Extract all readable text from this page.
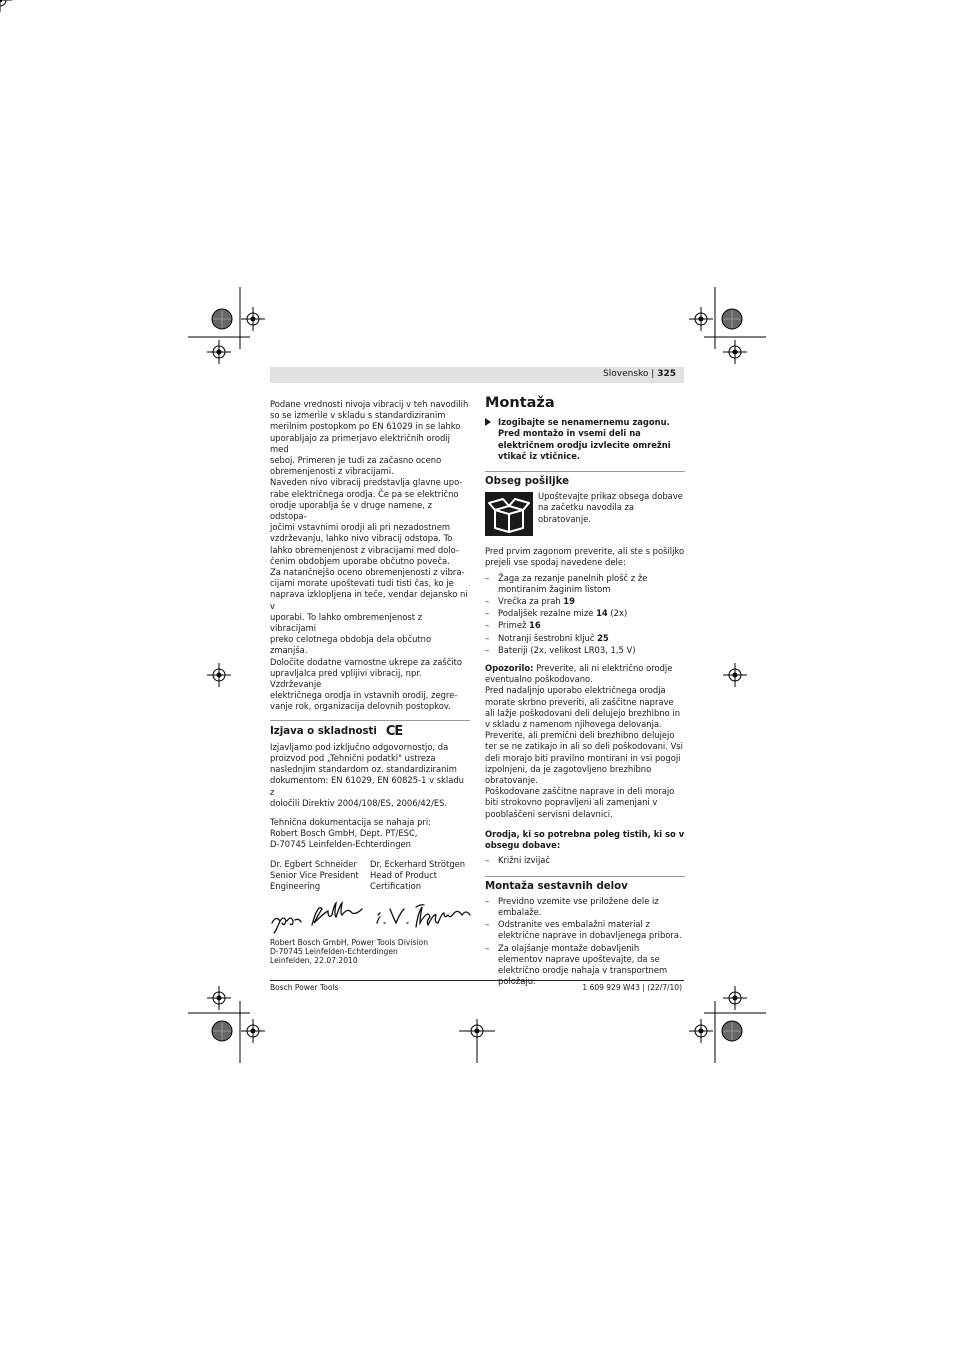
Slovensko | 325

Podane vrednosti nivoja vibracij v teh navodilih

so se izmerile v skladu s standardiziranim

merilnim postopkom po EN 61029 in se lahko

uporabljajo za primerjavo električnih orodij med

seboj. Primeren je tudi za začasno oceno

obremenjenosti z vibracijami.

Naveden nivo vibracij predstavlja glavne upo-

rabe električnega orodja. Če pa se električno

orodje uporablja še v druge namene, z odstopa-

jočimi vstavnimi orodji ali pri nezadostnem

vzdrževanju, lahko nivo vibracij odstopa. To

lahko obremenjenost z vibracijami med dolo-

čenim obdobjem uporabe občutno poveča.

Za natančnejšo oceno obremenjenosti z vibra-

cijami morate upoštevati tudi tisti čas, ko je

naprava izklopljena in teče, vendar dejansko ni v

uporabi. To lahko ombremenjenost z vibracijami

preko celotnega obdobja dela občutno zmanjša.

Določite dodatne varnostne ukrepe za zaščito

upravljalca pred vplijivi vibracij, npr. Vzdrževanje

električnega orodja in vstavnih orodij, zegre-

vanje rok, organizacija delovnih postopkov.

Izjava o skladnosti CE

Izjavljamo pod izključno odgovornostjo, da

proizvod pod „Tehnični podatki" ustreza

naslednjim standardom oz. standardiziranim

dokumentom: EN 61029, EN 60825-1 v skladu z

določili Direktiv 2004/108/ES, 2006/42/ES.

Tehnična dokumentacija se nahaja pri:

Robert Bosch GmbH, Dept. PT/ESC,

D-70745 Leinfelden-Echterdingen

Dr. Egbert Schneider

Senior Vice President

Engineering

Dr. Eckerhard Strötgen

Head of Product

Certification

Robert Bosch GmbH, Power Tools Division

D-70745 Leinfelden-Echterdingen

Leinfelden, 22.07.2010

Montaža

Izogibajte se nenamernemu zagonu. Pred montažo in vsemi deli na električnem orodju izvlecite omrežni vtikač iz vtičnice.

Obseg pošiljke

Upoštevajte prikaz obsega dobave na začetku navodila za obratovanje.

Pred prvim zagonom preverite, ali ste s pošiljko prejeli vse spodaj navedene dele:

– Žaga za rezanje panelnih plošč z že montiranim žaginim listom
– Vrečka za prah 19
– Podaljšek rezalne mize 14 (2x)
– Primež 16
– Notranji šestrobni ključ 25
– Bateriji (2x, velikost LR03, 1,5 V)

Opozorilo: Preverite, ali ni električno orodje eventualno poškodovano.

Pred nadaljnjo uporabo električnega orodja morate skrbno preveriti, ali zaščitne naprave ali lažje poškodovani deli delujejo brezhibno in v skladu z namenom njihovega delovanja.

Preverite, ali premični deli brezhibno delujejo ter se ne zatikajo in ali so deli poškodovani. Vsi deli morajo biti pravilno montirani in vsi pogoji izpolnjeni, da je zagotovljeno brezhibno obratovanje.

Poškodovane zaščitne naprave in deli morajo biti strokovno popravljeni ali zamenjani v pooblaščeni servisni delavnici.

Orodja, ki so potrebna poleg tistih, ki so v obsegu dobave:

– Križni izvijač

Montaža sestavnih delov

– Previdno vzemite vse priložene dele iz embalaže.
– Odstranite ves embalažni material z električne naprave in dobavljenega pribora.
– Za olajšanje montaže dobavljenih elementov naprave upoštevajte, da se električno orodje nahaja v transportnem položaju.
Bosch Power Tools	1 609 929 W43 | (22/7/10)
